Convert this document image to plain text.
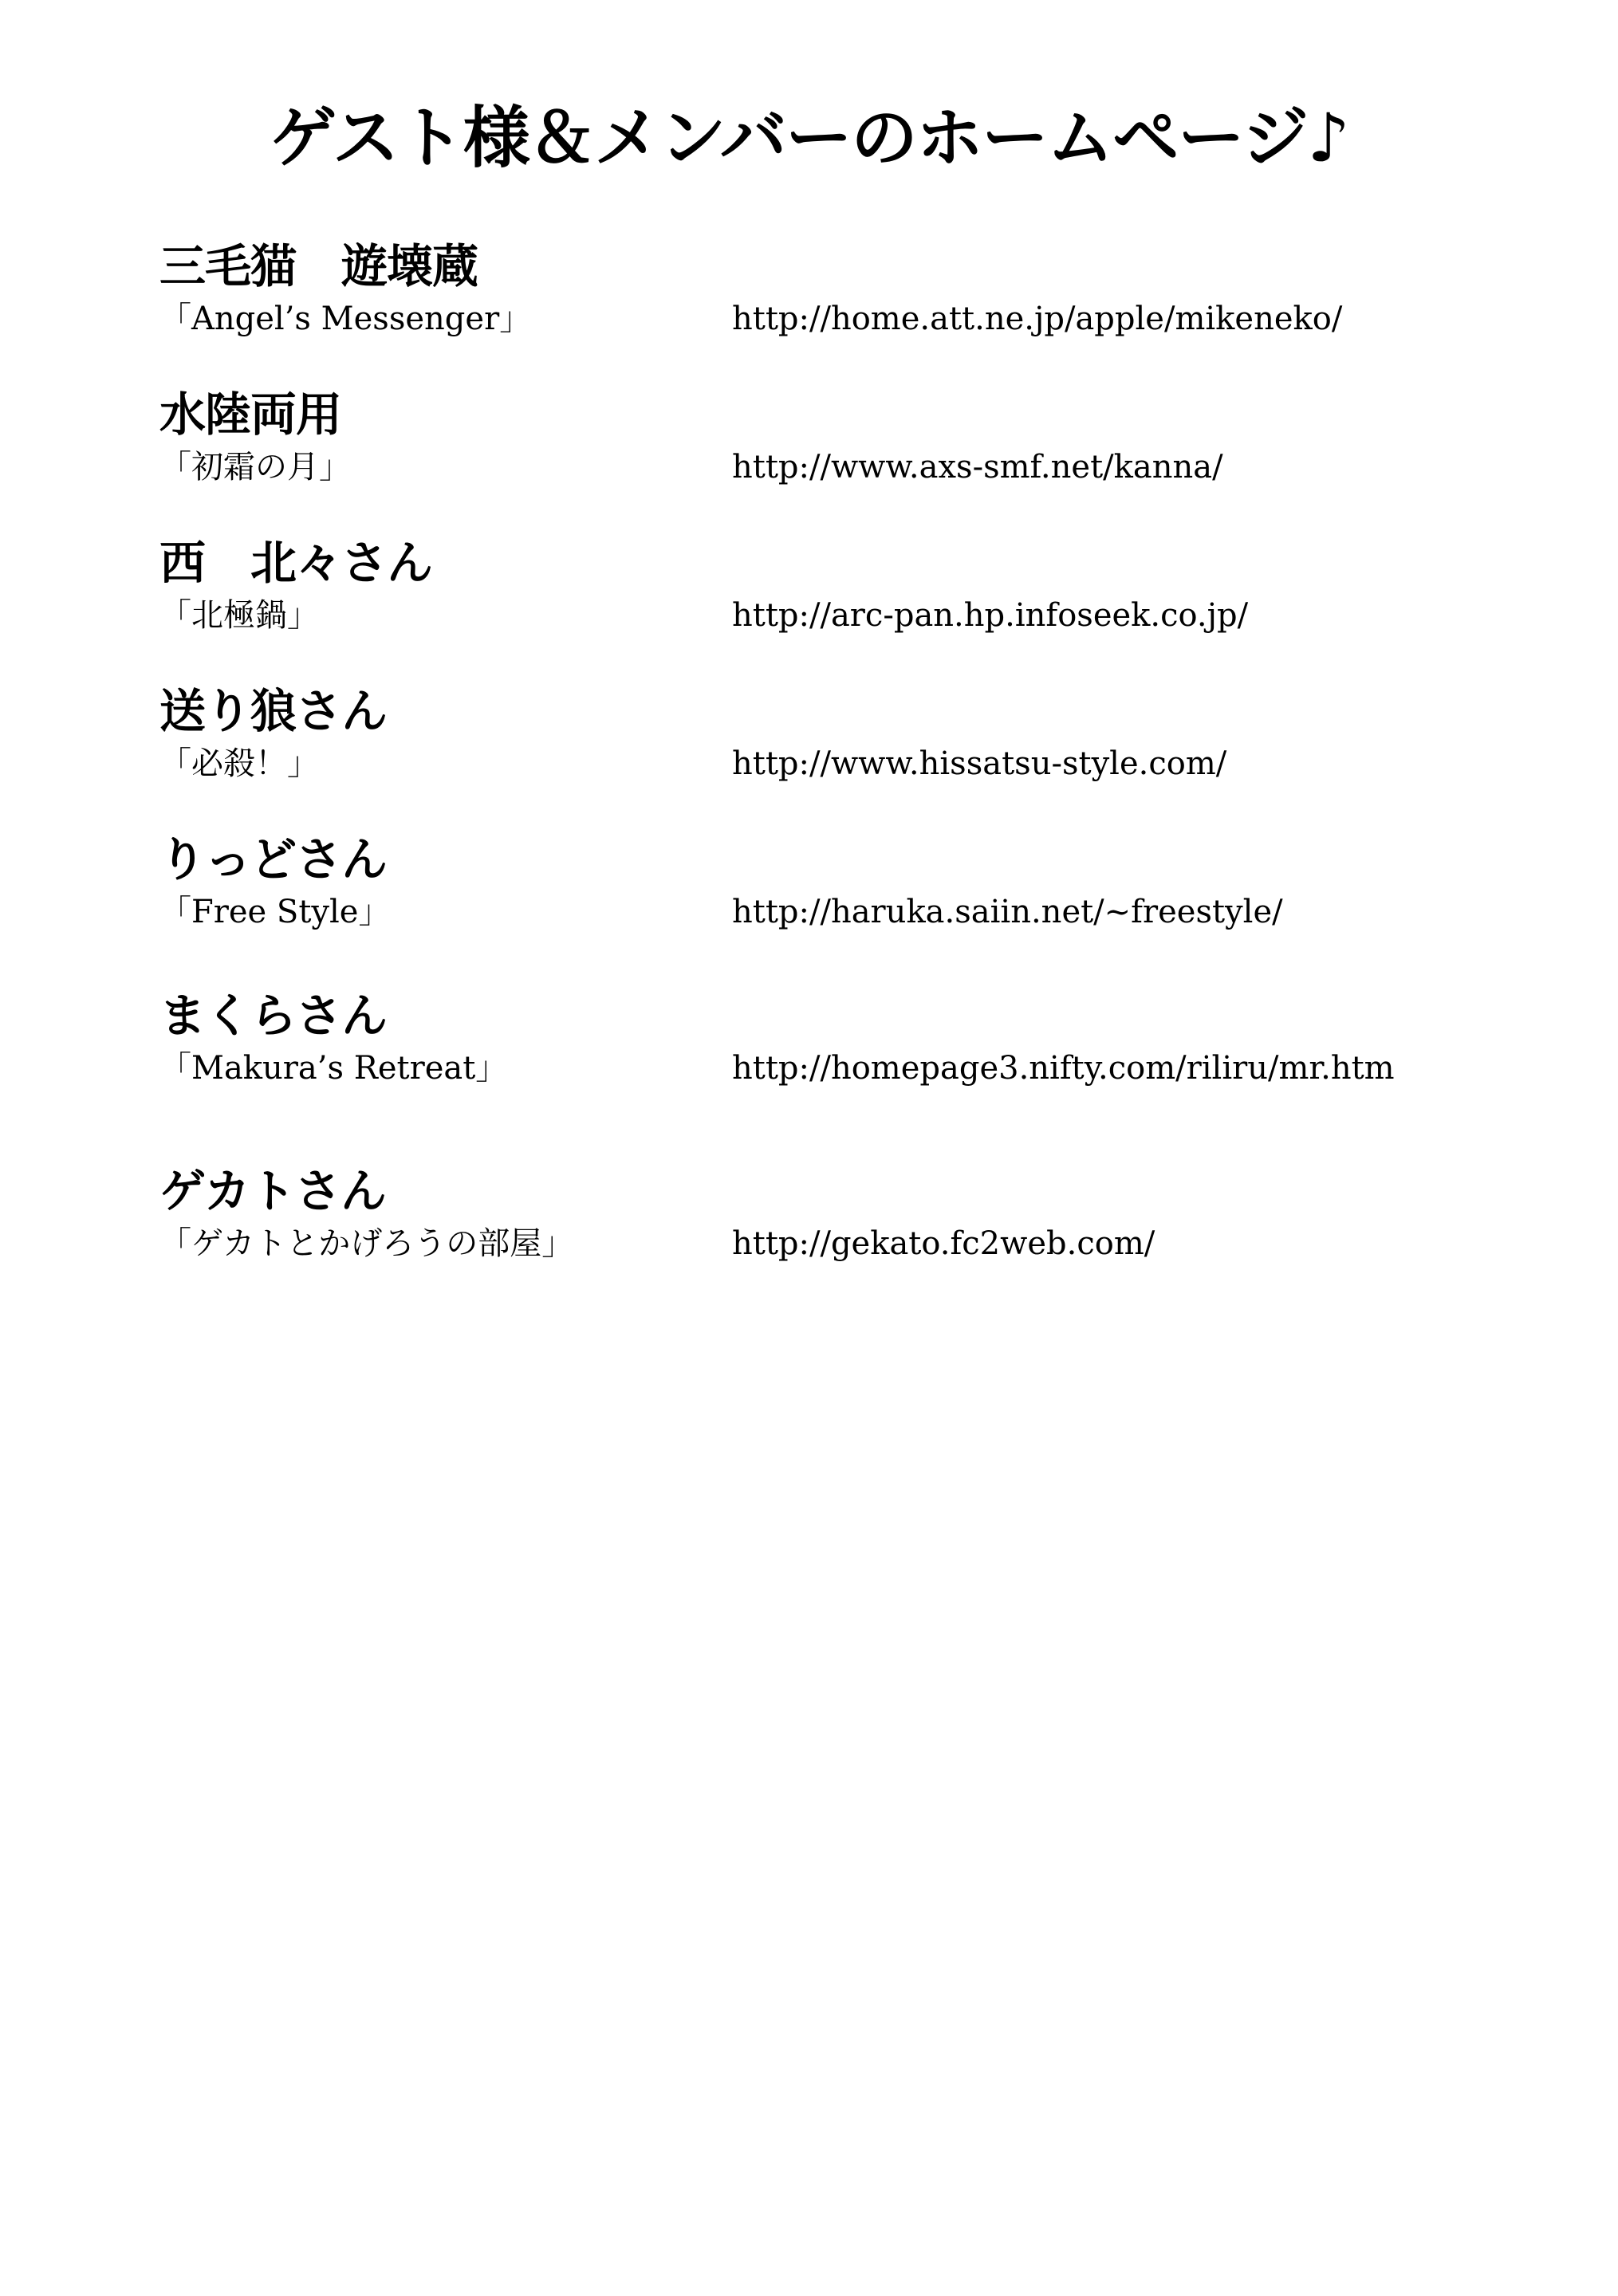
ゲスト様＆メンバーのホームページ♪
三毛猫　遊壊蔵
「Angel’s Messenger」	http://home.att.ne.jp/apple/mikeneko/
水陸両用
「初霜の月」	http://www.axs-smf.net/kanna/
西　北々さん
「北極鍋」	http://arc-pan.hp.infoseek.co.jp/
送り狼さん
「必殺！」	http://www.hissatsu-style.com/
りっどさん
「Free Style」	http://haruka.saiin.net/~freestyle/
まくらさん
「Makura’s Retreat」	http://homepage3.nifty.com/riliru/mr.htm
ゲカトさん
「ゲカトとかげろうの部屋」	http://gekato.fc2web.com/
